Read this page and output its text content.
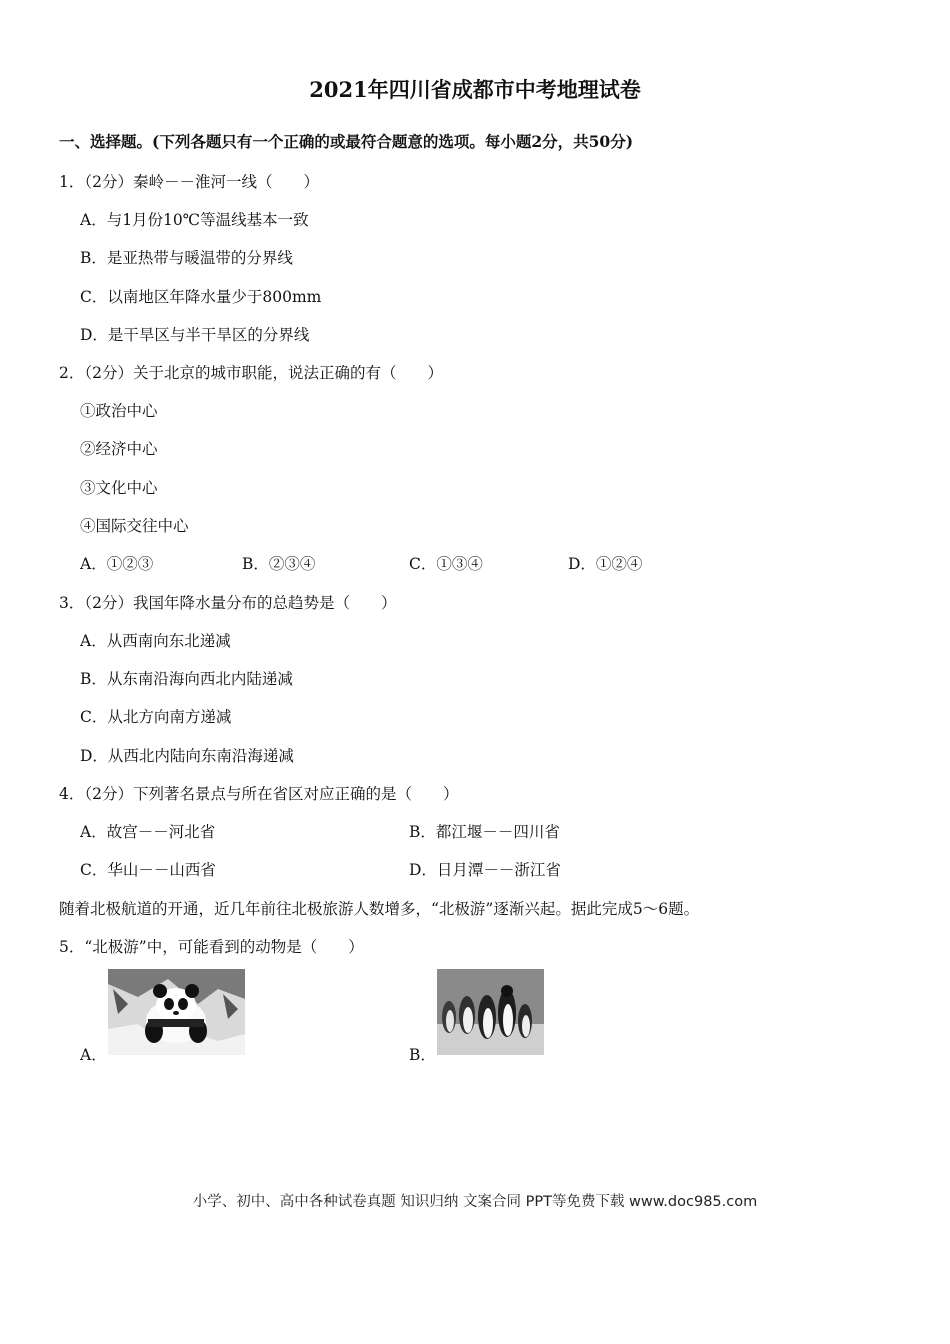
2021年四川省成都市中考地理试卷
一、选择题。(下列各题只有一个正确的或最符合题意的选项。每小题2分，共50分)
1．（2分）秦岭－－淮河一线（　　）
A．与1月份10℃等温线基本一致
B．是亚热带与暖温带的分界线
C．以南地区年降水量少于800mm
D．是干旱区与半干旱区的分界线
2．（2分）关于北京的城市职能，说法正确的有（　　）
①政治中心
②经济中心
③文化中心
④国际交往中心
A．①②③	B．②③④	C．①③④	D．①②④
3．（2分）我国年降水量分布的总趋势是（　　）
A．从西南向东北递减
B．从东南沿海向西北内陆递减
C．从北方向南方递减
D．从西北内陆向东南沿海递减
4．（2分）下列著名景点与所在省区对应正确的是（　　）
A．故宫－－河北省	B．都江堰－－四川省
C．华山－－山西省	D．日月潭－－浙江省
随着北极航道的开通，近几年前往北极旅游人数增多，“北极游”逐渐兴起。据此完成5～6题。
5．“北极游”中，可能看到的动物是（　　）
A．	B．
小学、初中、高中各种试卷真题 知识归纳 文案合同 PPT等免费下载 www.doc985.com
